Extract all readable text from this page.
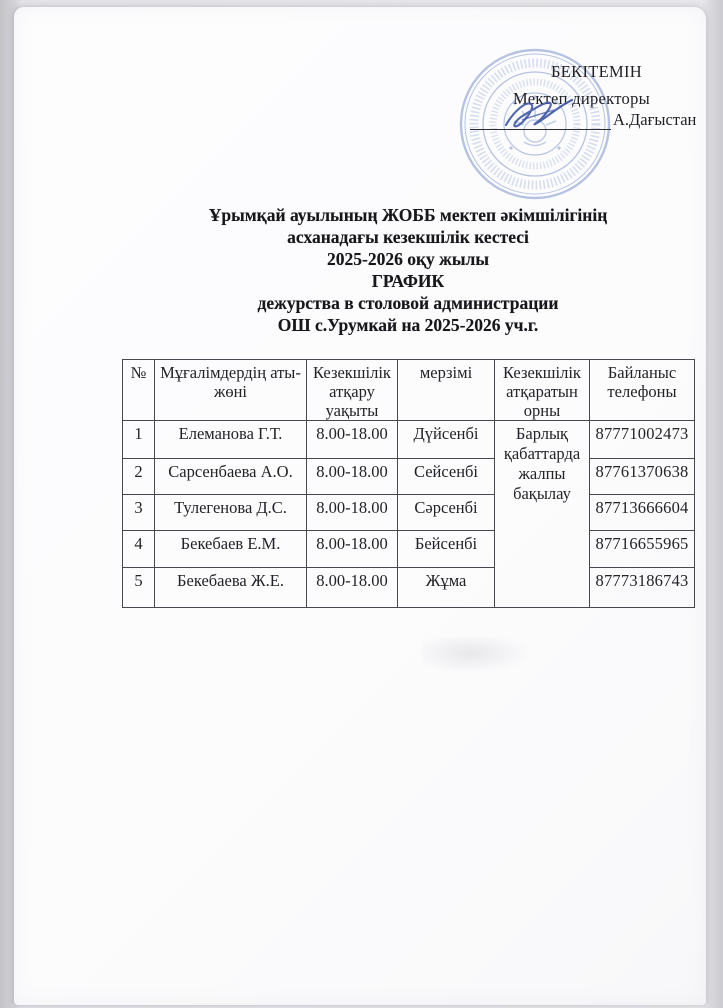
БЕКІТЕМІН
Мектеп директоры
А.Дағыстан
Ұрымқай ауылының ЖОББ мектеп әкімшілігінің
асханадағы кезекшілік кестесі
2025-2026 оқу жылы
ГРАФИК
дежурства в столовой администрации
ОШ с.Урумкай на 2025-2026 уч.г.
№	Мұғалімдердің аты-жөні	Кезекшілік атқару уақыты	мерзімі	Кезекшілік атқаратын орны	Байланыс телефоны
1	Елеманова Г.Т.	8.00-18.00	Дүйсенбі	Барлық қабаттарда жалпы бақылау	87771002473
2	Сарсенбаева А.О.	8.00-18.00	Сейсенбі		87761370638
3	Тулегенова Д.С.	8.00-18.00	Сәрсенбі		87713666604
4	Бекебаев Е.М.	8.00-18.00	Бейсенбі		87716655965
5	Бекебаева Ж.Е.	8.00-18.00	Жұма		87773186743
